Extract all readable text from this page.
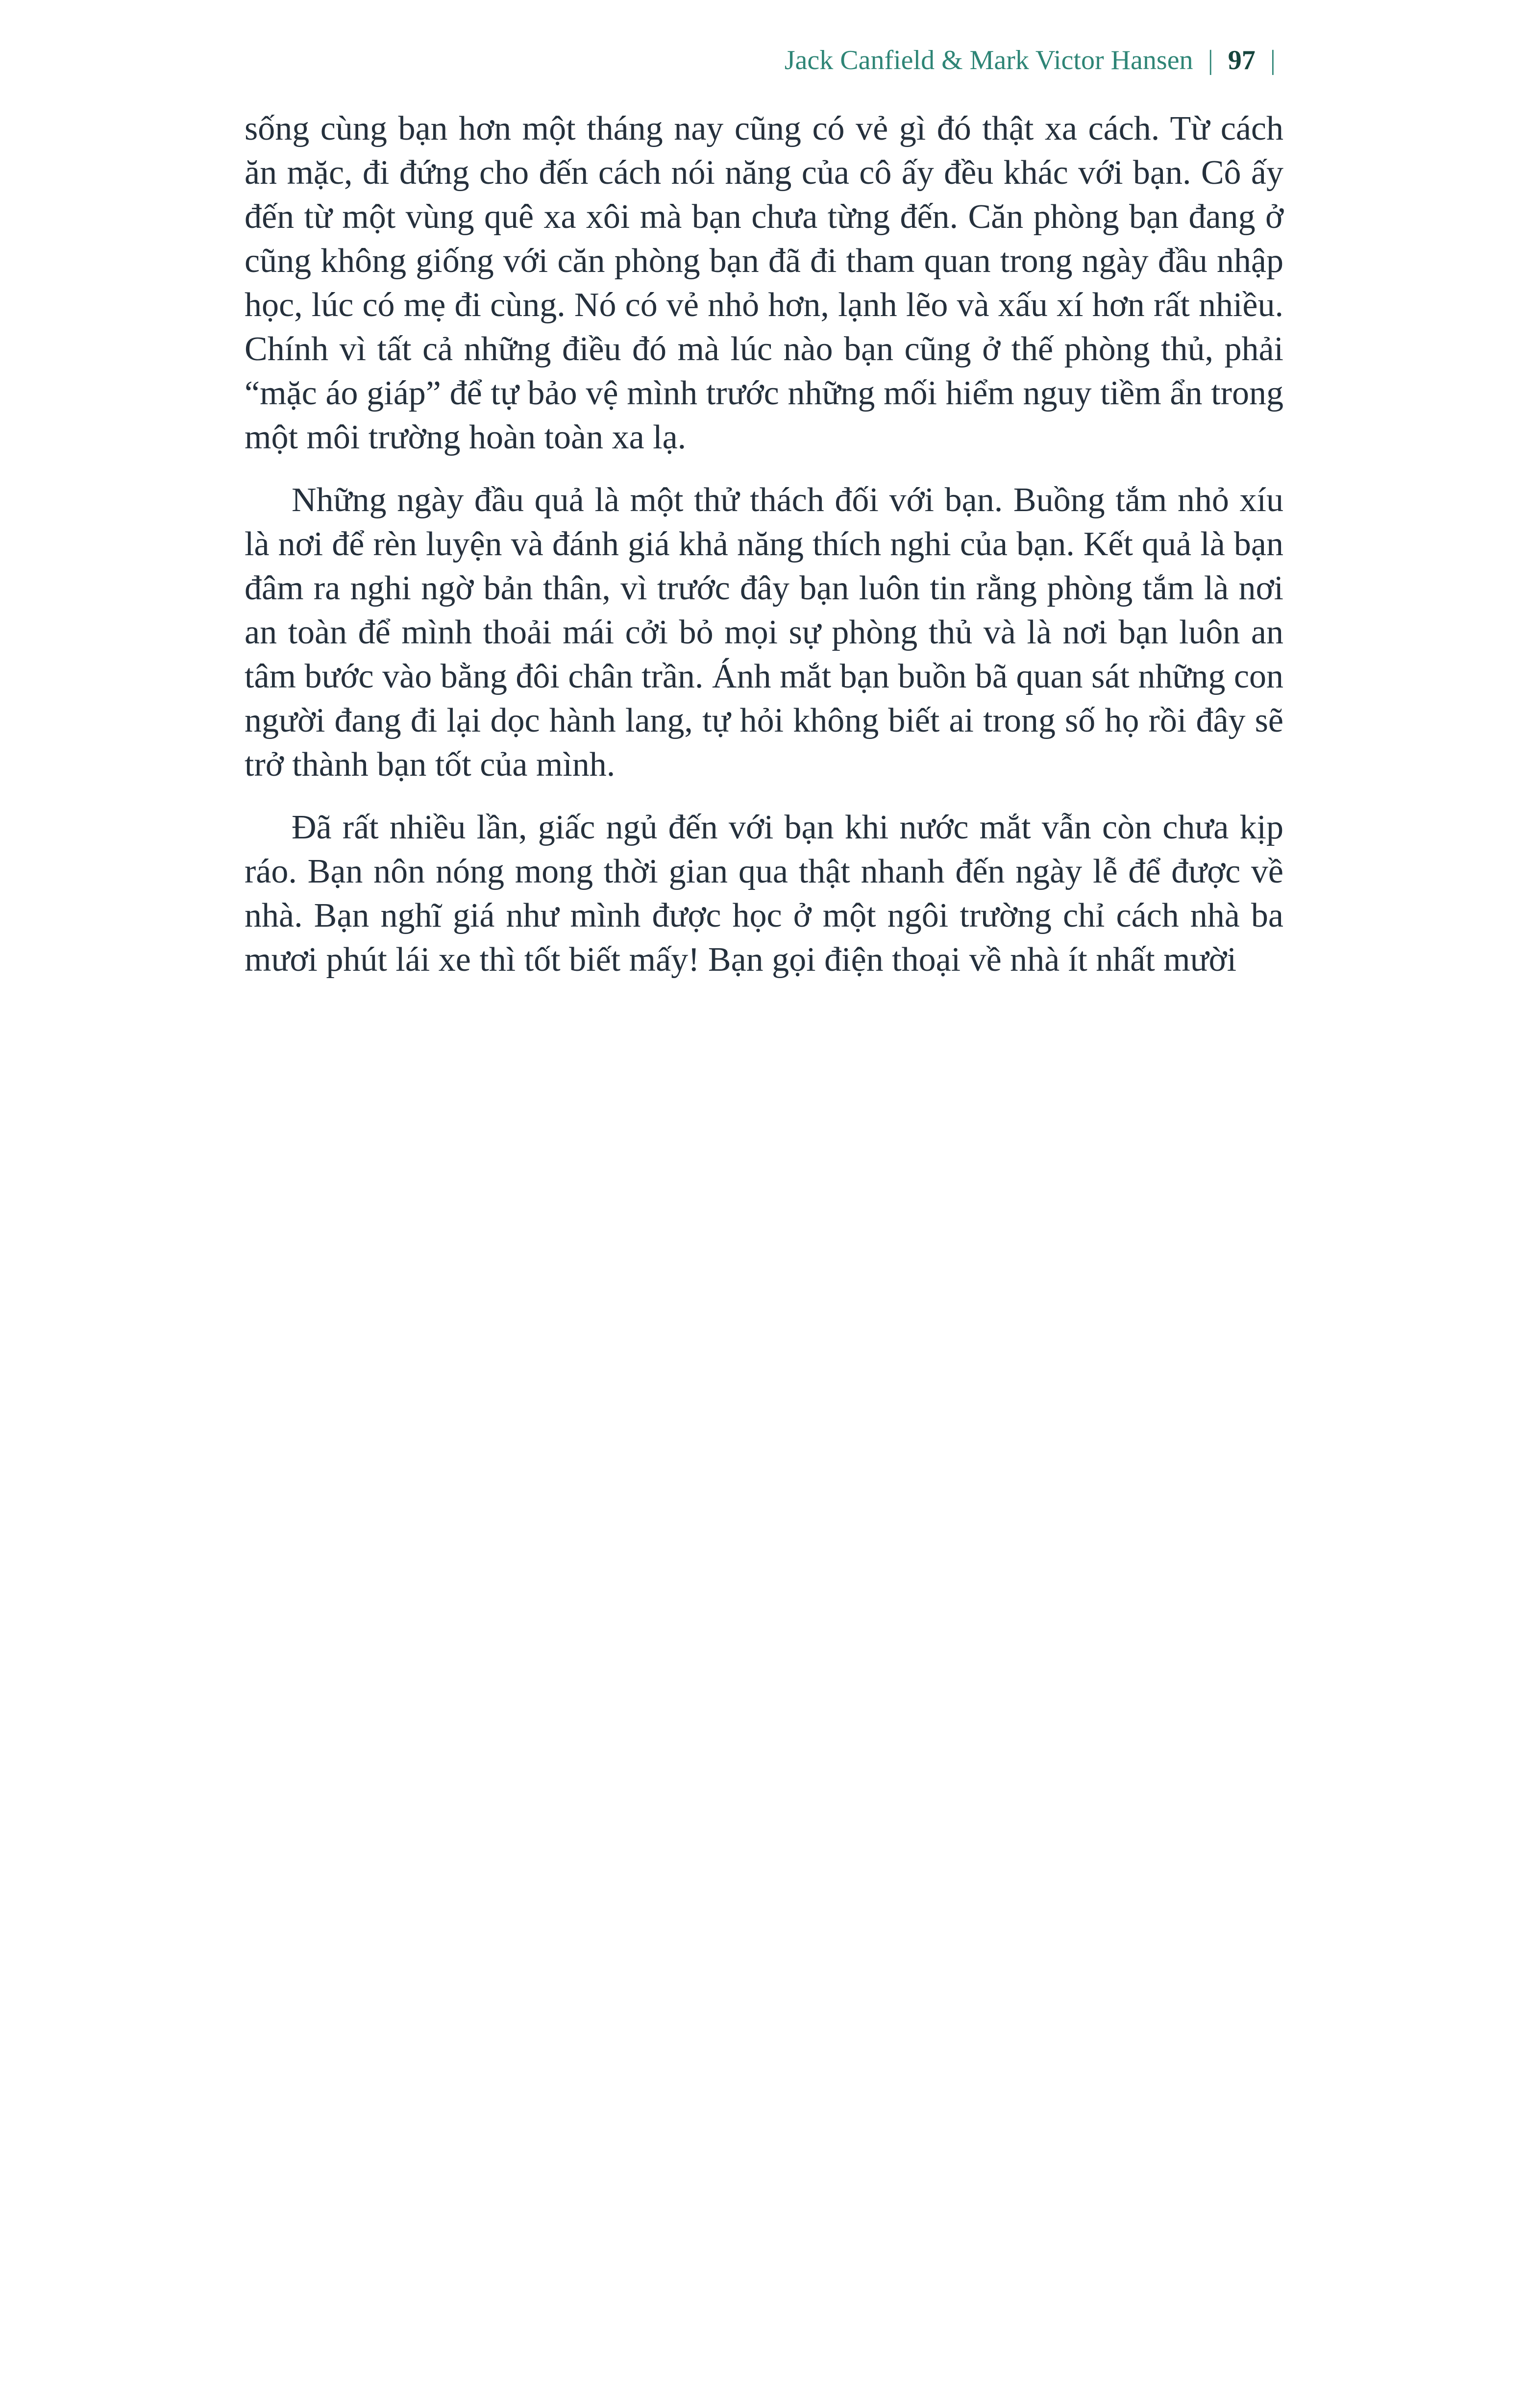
Jack Canfield & Mark Victor Hansen | 97 |

sống cùng bạn hơn một tháng nay cũng có vẻ gì đó thật xa cách. Từ cách ăn mặc, đi đứng cho đến cách nói năng của cô ấy đều khác với bạn. Cô ấy đến từ một vùng quê xa xôi mà bạn chưa từng đến. Căn phòng bạn đang ở cũng không giống với căn phòng bạn đã đi tham quan trong ngày đầu nhập học, lúc có mẹ đi cùng. Nó có vẻ nhỏ hơn, lạnh lẽo và xấu xí hơn rất nhiều. Chính vì tất cả những điều đó mà lúc nào bạn cũng ở thế phòng thủ, phải “mặc áo giáp” để tự bảo vệ mình trước những mối hiểm nguy tiềm ẩn trong một môi trường hoàn toàn xa lạ.

Những ngày đầu quả là một thử thách đối với bạn. Buồng tắm nhỏ xíu là nơi để rèn luyện và đánh giá khả năng thích nghi của bạn. Kết quả là bạn đâm ra nghi ngờ bản thân, vì trước đây bạn luôn tin rằng phòng tắm là nơi an toàn để mình thoải mái cởi bỏ mọi sự phòng thủ và là nơi bạn luôn an tâm bước vào bằng đôi chân trần. Ánh mắt bạn buồn bã quan sát những con người đang đi lại dọc hành lang, tự hỏi không biết ai trong số họ rồi đây sẽ trở thành bạn tốt của mình.

Đã rất nhiều lần, giấc ngủ đến với bạn khi nước mắt vẫn còn chưa kịp ráo. Bạn nôn nóng mong thời gian qua thật nhanh đến ngày lễ để được về nhà. Bạn nghĩ giá như mình được học ở một ngôi trường chỉ cách nhà ba mươi phút lái xe thì tốt biết mấy! Bạn gọi điện thoại về nhà ít nhất mười
